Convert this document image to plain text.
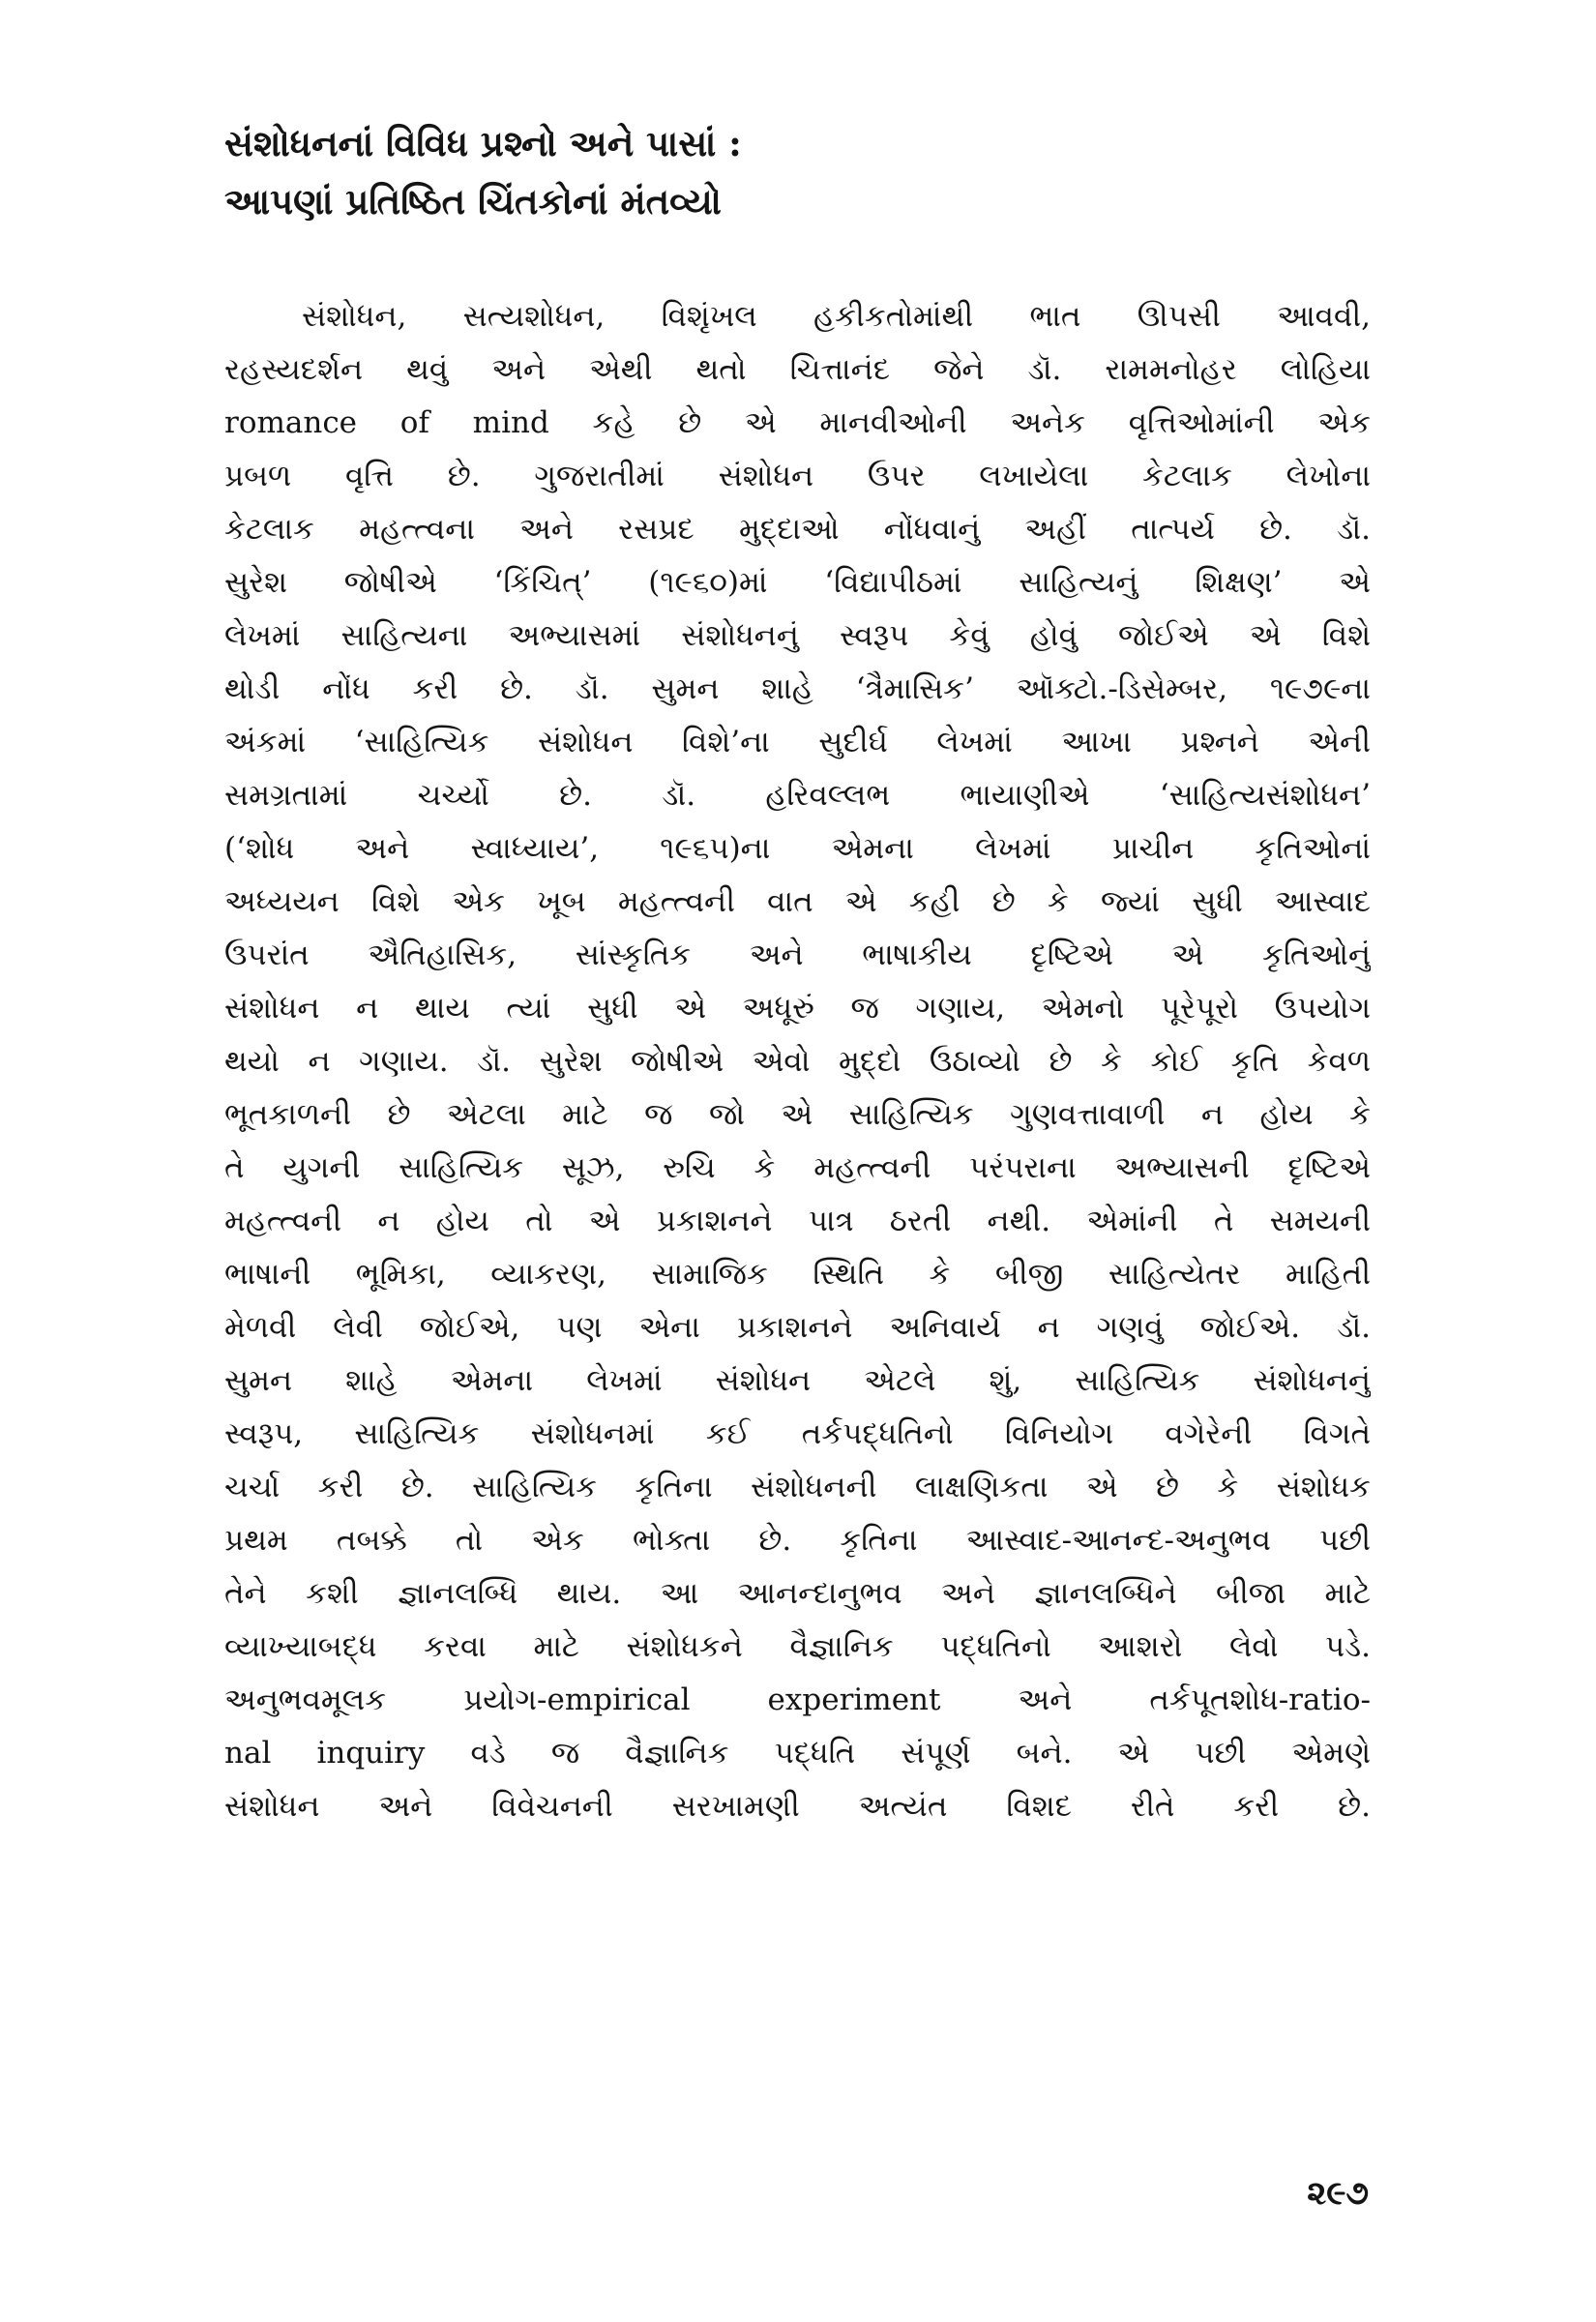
સંશોધનનાં વિવિધ પ્રશ્નો અને પાસાં :
આપણાં પ્રતિષ્ઠિત ચિંતકોનાં મંતવ્યો
સંશોધન, સત્યશોધન, વિશૃંખલ હકીકતોમાંથી ભાત ઊપસી આવવી,
રહસ્યદર્શન થવું અને એથી થતો ચિત્તાનંદ જેને ડૉ. રામમનોહર લોહિયા
romance of mind કહે છે એ માનવીઓની અનેક વૃત્તિઓમાંની એક
પ્રબળ વૃત્તિ છે. ગુજરાતીમાં સંશોધન ઉપર લખાયેલા કેટલાક લેખોના
કેટલાક મહત્ત્વના અને રસપ્રદ મુદ્દાઓ નોંધવાનું અહીં તાત્પર્ય છે. ડૉ.
સુરેશ જોષીએ ‘કિંચિત્’ (૧૯૬૦)માં ‘વિદ્યાપીઠમાં સાહિત્યનું શિક્ષણ’ એ
લેખમાં સાહિત્યના અભ્યાસમાં સંશોધનનું સ્વરૂપ કેવું હોવું જોઈએ એ વિશે
થોડી નોંધ કરી છે. ડૉ. સુમન શાહે ‘ત્રૈમાસિક’ ઑક્ટો.-ડિસેમ્બર, ૧૯૭૯ના
અંકમાં ‘સાહિત્યિક સંશોધન વિશે’ના સુદીર્ઘ લેખમાં આખા પ્રશ્નને એની
સમગ્રતામાં ચર્ચ્યો છે. ડૉ. હરિવલ્લભ ભાયાણીએ ‘સાહિત્યસંશોધન’
(‘શોધ અને સ્વાધ્યાય’, ૧૯૬૫)ના એમના લેખમાં પ્રાચીન કૃતિઓનાં
અધ્યયન વિશે એક ખૂબ મહત્ત્વની વાત એ કહી છે કે જ્યાં સુધી આસ્વાદ
ઉપરાંત ઐતિહાસિક, સાંસ્કૃતિક અને ભાષાકીય દૃષ્ટિએ એ કૃતિઓનું
સંશોધન ન થાય ત્યાં સુધી એ અધૂરું જ ગણાય, એમનો પૂરેપૂરો ઉપયોગ
થયો ન ગણાય. ડૉ. સુરેશ જોષીએ એવો મુદ્દો ઉઠાવ્યો છે કે કોઈ કૃતિ કેવળ
ભૂતકાળની છે એટલા માટે જ જો એ સાહિત્યિક ગુણવત્તાવાળી ન હોય કે
તે યુગની સાહિત્યિક સૂઝ, રુચિ કે મહત્ત્વની પરંપરાના અભ્યાસની દૃષ્ટિએ
મહત્ત્વની ન હોય તો એ પ્રકાશનને પાત્ર ઠરતી નથી. એમાંની તે સમયની
ભાષાની ભૂમિકા, વ્યાકરણ, સામાજિક સ્થિતિ કે બીજી સાહિત્યેતર માહિતી
મેળવી લેવી જોઈએ, પણ એના પ્રકાશનને અનિવાર્ય ન ગણવું જોઈએ. ડૉ.
સુમન શાહે એમના લેખમાં સંશોધન એટલે શું, સાહિત્યિક સંશોધનનું
સ્વરૂપ, સાહિત્યિક સંશોધનમાં કઈ તર્કપદ્ધતિનો વિનિયોગ વગેરેની વિગતે
ચર્ચા કરી છે. સાહિત્યિક કૃતિના સંશોધનની લાક્ષણિકતા એ છે કે સંશોધક
પ્રથમ તબક્કે તો એક ભોક્તા છે. કૃતિના આસ્વાદ-આનન્દ-અનુભવ પછી
તેને કશી જ્ઞાનલબ્ધિ થાય. આ આનન્દાનુભવ અને જ્ઞાનલબ્ધિને બીજા માટે
વ્યાખ્યાબદ્ધ કરવા માટે સંશોધકને વૈજ્ઞાનિક પદ્ધતિનો આશરો લેવો પડે.
અનુભવમૂલક પ્રયોગ-empirical experiment અને તર્કપૂતશોધ-ratio-
nal inquiry વડે જ વૈજ્ઞાનિક પદ્ધતિ સંપૂર્ણ બને. એ પછી એમણે
સંશોધન અને વિવેચનની સરખામણી અત્યંત વિશદ રીતે કરી છે.
૨૯૭
